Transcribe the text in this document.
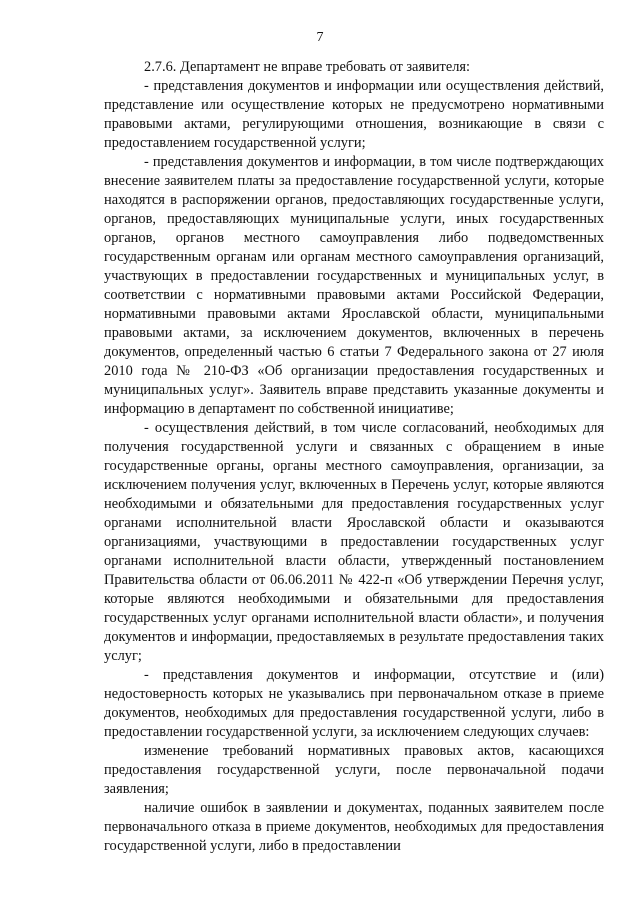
7

2.7.6. Департамент не вправе требовать от заявителя:

- представления документов и информации или осуществления действий, представление или осуществление которых не предусмотрено нормативными правовыми актами, регулирующими отношения, возникающие в связи с предоставлением государственной услуги;

- представления документов и информации, в том числе подтверждающих внесение заявителем платы за предоставление государственной услуги, которые находятся в распоряжении органов, предоставляющих государственные услуги, органов, предоставляющих муниципальные услуги, иных государственных органов, органов местного самоуправления либо подведомственных государственным органам или органам местного самоуправления организаций, участвующих в предоставлении государственных и муниципальных услуг, в соответствии с нормативными правовыми актами Российской Федерации, нормативными правовыми актами Ярославской области, муниципальными правовыми актами, за исключением документов, включенных в перечень документов, определенный частью 6 статьи 7 Федерального закона от 27 июля 2010 года № 210-ФЗ «Об организации предоставления государственных и муниципальных услуг». Заявитель вправе представить указанные документы и информацию в департамент по собственной инициативе;

- осуществления действий, в том числе согласований, необходимых для получения государственной услуги и связанных с обращением в иные государственные органы, органы местного самоуправления, организации, за исключением получения услуг, включенных в Перечень услуг, которые являются необходимыми и обязательными для предоставления государственных услуг органами исполнительной власти Ярославской области и оказываются организациями, участвующими в предоставлении государственных услуг органами исполнительной власти области, утвержденный постановлением Правительства области от 06.06.2011 № 422-п «Об утверждении Перечня услуг, которые являются необходимыми и обязательными для предоставления государственных услуг органами исполнительной власти области», и получения документов и информации, предоставляемых в результате предоставления таких услуг;

- представления документов и информации, отсутствие и (или) недостоверность которых не указывались при первоначальном отказе в приеме документов, необходимых для предоставления государственной услуги, либо в предоставлении государственной услуги, за исключением следующих случаев:

изменение требований нормативных правовых актов, касающихся предоставления государственной услуги, после первоначальной подачи заявления;

наличие ошибок в заявлении и документах, поданных заявителем после первоначального отказа в приеме документов, необходимых для предоставления государственной услуги, либо в предоставлении
